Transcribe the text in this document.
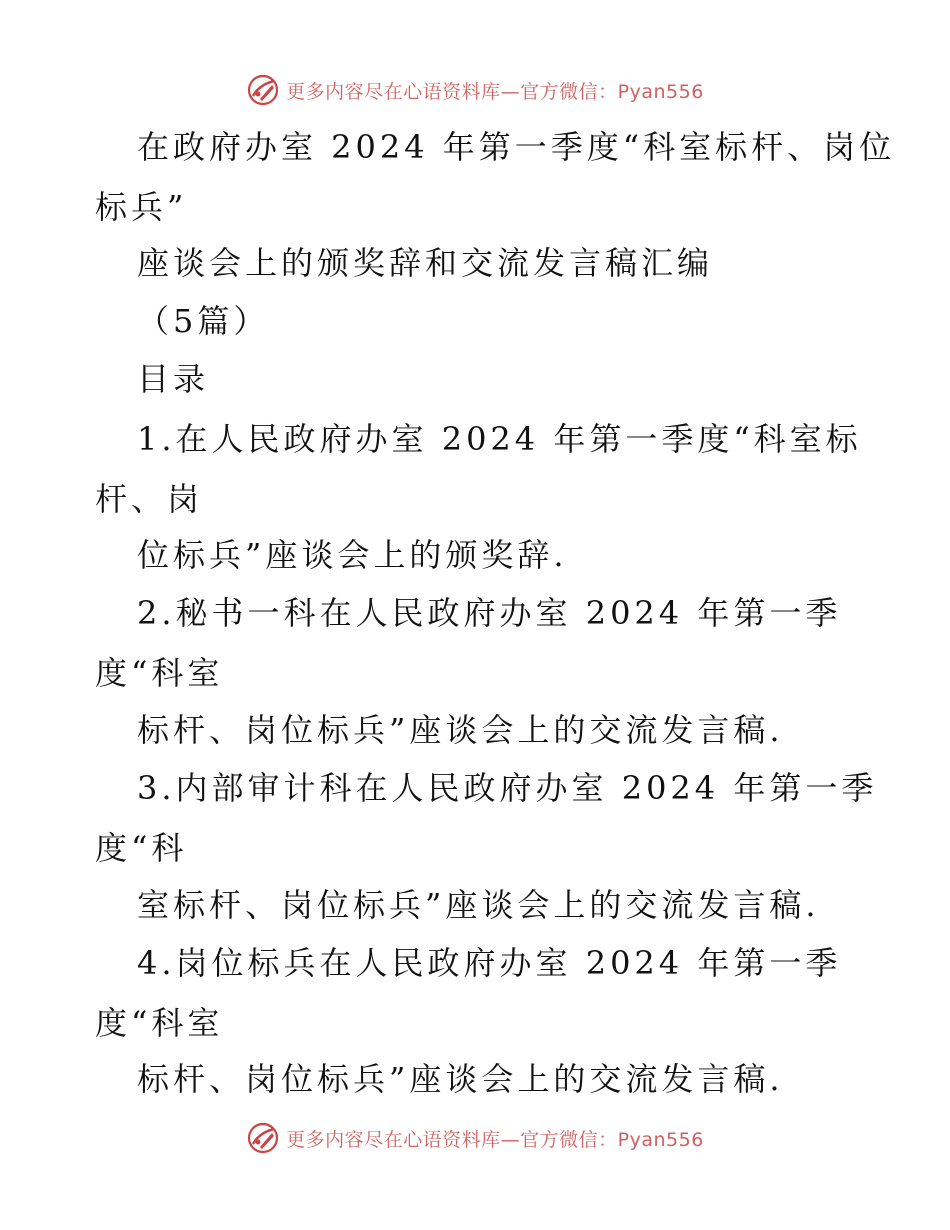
更多内容尽在心语资料库—官方微信：Pyan556
在政府办室 2024 年第一季度“科室标杆、岗位
标兵”
座谈会上的颁奖辞和交流发言稿汇编
（5篇）
目录
1.在人民政府办室 2024 年第一季度“科室标
杆、岗
位标兵”座谈会上的颁奖辞.
2.秘书一科在人民政府办室 2024 年第一季
度“科室
标杆、岗位标兵”座谈会上的交流发言稿.
3.内部审计科在人民政府办室 2024 年第一季
度“科
室标杆、岗位标兵”座谈会上的交流发言稿.
4.岗位标兵在人民政府办室 2024 年第一季
度“科室
标杆、岗位标兵”座谈会上的交流发言稿.
更多内容尽在心语资料库—官方微信：Pyan556
